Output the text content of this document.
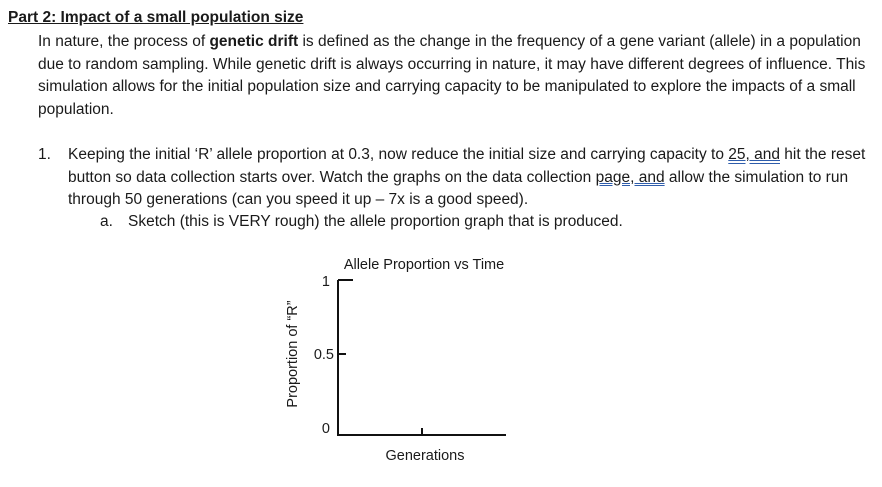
Part 2: Impact of a small population size
In nature, the process of genetic drift is defined as the change in the frequency of a gene variant (allele) in a population due to random sampling. While genetic drift is always occurring in nature, it may have different degrees of influence. This simulation allows for the initial population size and carrying capacity to be manipulated to explore the impacts of a small population.
1. Keeping the initial ‘R’ allele proportion at 0.3, now reduce the initial size and carrying capacity to 25, and hit the reset button so data collection starts over. Watch the graphs on the data collection page, and allow the simulation to run through 50 generations (can you speed it up – 7x is a good speed).
a. Sketch (this is VERY rough) the allele proportion graph that is produced.
Allele Proportion vs Time
Proportion of “R”
1
0.5
0
Generations
